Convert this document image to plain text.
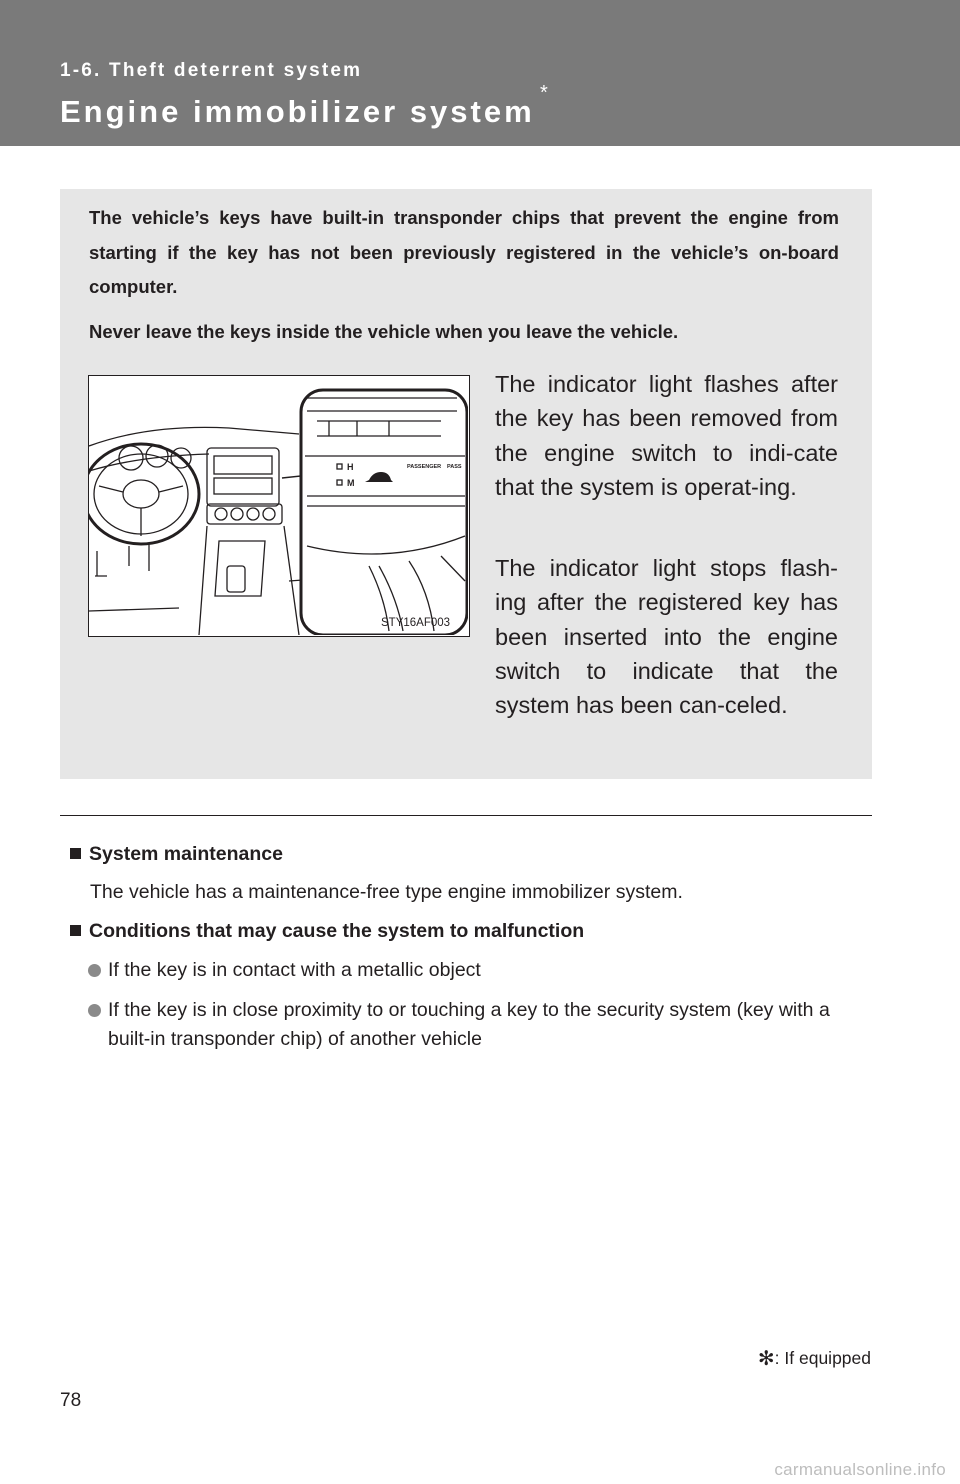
1-6. Theft deterrent system
Engine immobilizer system
*
The vehicle’s keys have built-in transponder chips that prevent the engine from starting if the key has not been previously registered in the vehicle’s on-board computer.
Never leave the keys inside the vehicle when you leave the vehicle.
H
M
PASSENGER PASS
STY16AF003
The indicator light flashes after the key has been removed from the engine switch to indi-cate that the system is operat-ing.
The indicator light stops flash-ing after the registered key has been inserted into the engine switch to indicate that the system has been can-celed.
System maintenance
The vehicle has a maintenance-free type engine immobilizer system.
Conditions that may cause the system to malfunction
If the key is in contact with a metallic object
If the key is in close proximity to or touching a key to the security system (key with a built-in transponder chip) of another vehicle
✻: If equipped
78
carmanualsonline.info
